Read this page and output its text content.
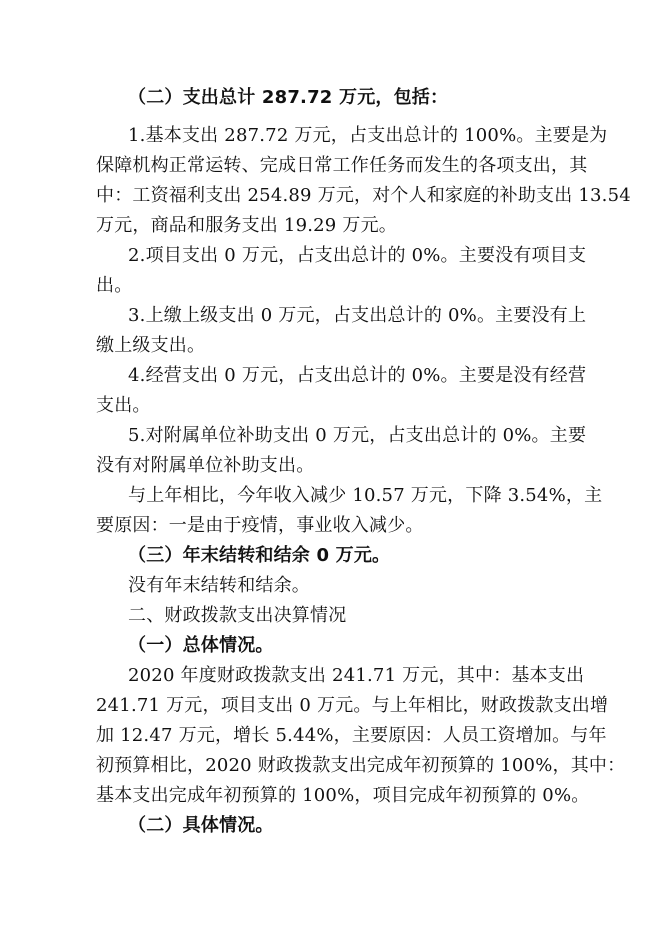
（二）支出总计 287.72 万元，包括：
1.基本支出 287.72 万元，占支出总计的 100%。主要是为
保障机构正常运转、完成日常工作任务而发生的各项支出，其
中：工资福利支出 254.89 万元，对个人和家庭的补助支出 13.54
万元，商品和服务支出 19.29 万元。
2.项目支出 0 万元，占支出总计的 0%。主要没有项目支
出。
3.上缴上级支出 0 万元，占支出总计的 0%。主要没有上
缴上级支出。
4.经营支出 0 万元，占支出总计的 0%。主要是没有经营
支出。
5.对附属单位补助支出 0 万元，占支出总计的 0%。主要
没有对附属单位补助支出。
与上年相比，今年收入减少 10.57 万元，下降 3.54%，主
要原因：一是由于疫情，事业收入减少。
（三）年末结转和结余 0 万元。
没有年末结转和结余。
二、财政拨款支出决算情况
（一）总体情况。
2020 年度财政拨款支出 241.71 万元，其中：基本支出
241.71 万元，项目支出 0 万元。与上年相比，财政拨款支出增
加 12.47 万元，增长 5.44%，主要原因：人员工资增加。与年
初预算相比，2020 财政拨款支出完成年初预算的 100%，其中：
基本支出完成年初预算的 100%，项目完成年初预算的 0%。
（二）具体情况。
